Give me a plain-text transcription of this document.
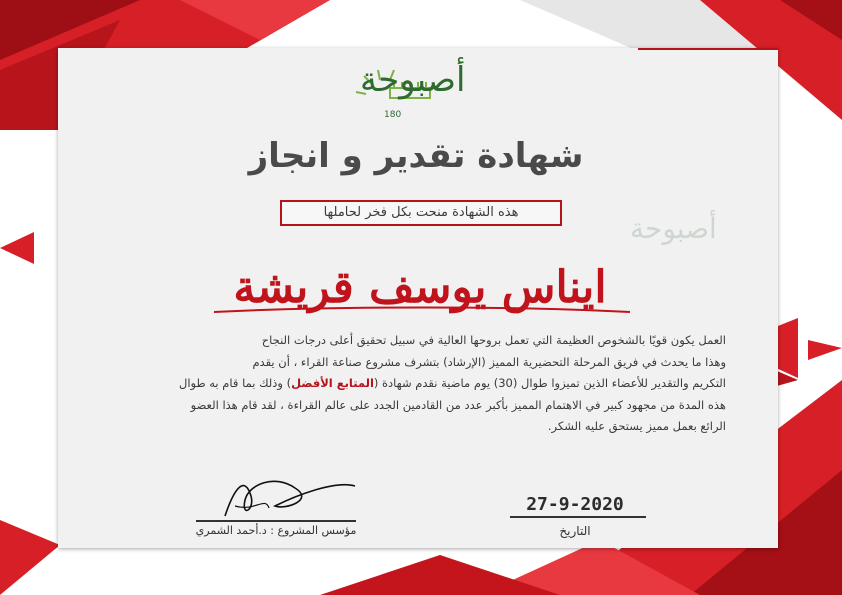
أصبوحة
180
شهادة تقدير و انجاز
هذه الشهادة منحت بكل فخر لحاملها	أصبوحة
ايناس يوسف قريشة
العمل يكون قويًا بالشخوص العظيمة التي تعمل بروحها العالية في سبيل تحقيق أعلى درجات النجاح
وهذا ما يحدث في فريق المرحلة التحضيرية المميز (الإرشاد) بتشرف مشروع صناعة القراء ، أن يقدم
التكريم والتقدير للأعضاء الذين تميزوا طوال (30) يوم ماضية نقدم شهادة (المتابع الأفضل) وذلك بما قام به طوال
هذه المدة من مجهود كبير في الاهتمام المميز بأكبر عدد من القادمين الجدد على عالم القراءة ، لقد قام هذا العضو
الرائع بعمل مميز يستحق عليه الشكر.
مؤسس المشروع : د.أحمد الشمري
27-9-2020
التاريخ
